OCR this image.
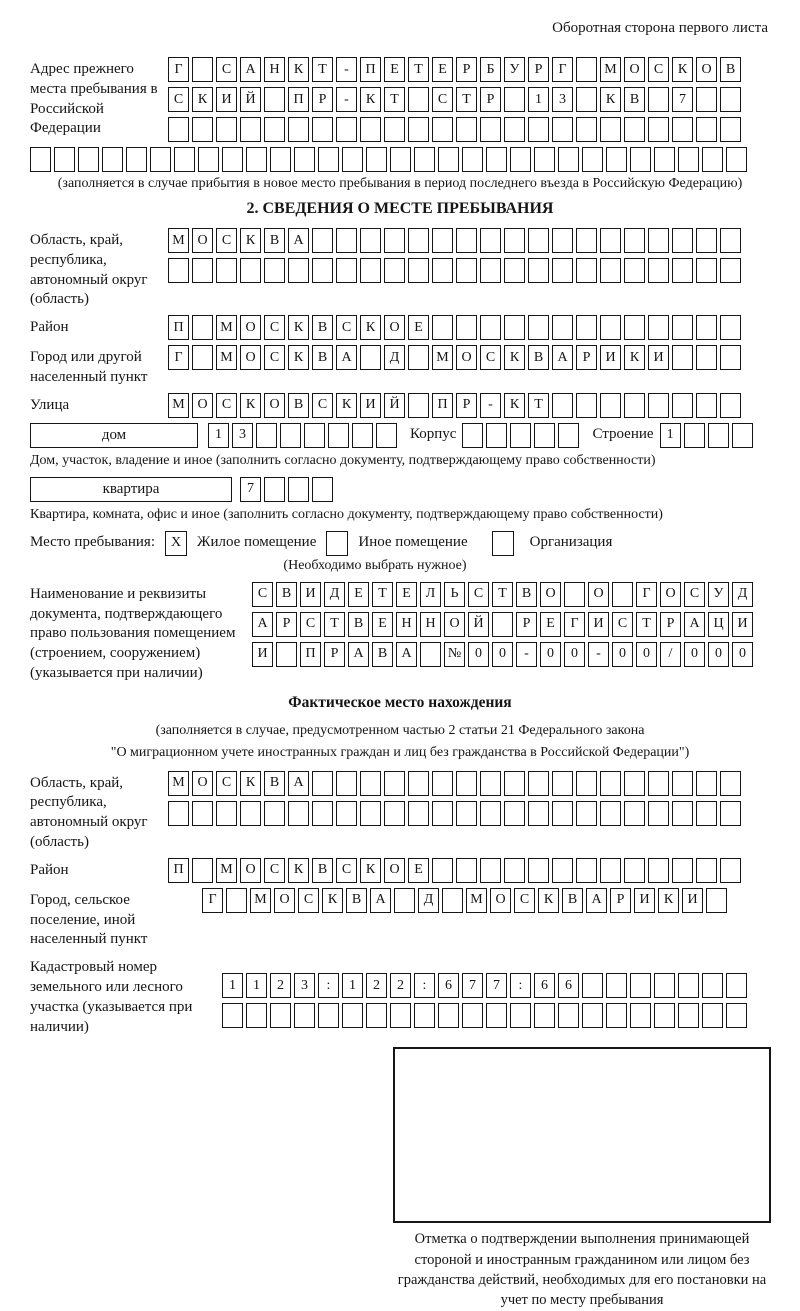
Оборотная сторона первого листа
Адрес прежнего места пребывания в Российской Федерации
Г	С	А Н	К	Т	-	П	Е	Т	Е	Р	Б	У	Р	Г	М О	С	К	О	В
С	К	И Й	П	Р	-	К	Т	С	Т	Р	1	3	К	В	7
(заполняется в случае прибытия в новое место пребывания в период последнего въезда в Российскую Федерацию)
2. СВЕДЕНИЯ О МЕСТЕ ПРЕБЫВАНИЯ
Область, край, республика, автономный округ (область)
М О	С	К	В	А
Район	П	М О	С	К	В	С	К	О	Е
Город или другой населенный пункт
Г	М О	С	К	В	А	Д	М О	С	К	В	А	Р	И	К	И
Улица	М О	С	К	О	В	С	К	И Й	П	Р	-	К	Т
дом	1	3	Корпус	Строение 1
Дом, участок, владение и иное (заполнить согласно документу, подтверждающему право собственности)
квартира	7
Квартира, комната, офис и иное (заполнить согласно документу, подтверждающему право собственности)
Место пребывания:	X	Жилое помещение	Иное помещение	Организация
(Необходимо выбрать нужное)
Наименование и реквизиты документа, подтверждающего право пользования помещением (строением, сооружением) (указывается при наличии)
С	В	И	Д	Е	Т	Е	Л	Ь	С	Т	В	О	О	Г	О	С	У	Д
А	Р	С	Т	В	Е	Н Н О Й	Р	Е	Г	И	С	Т	Р	А Ц И
И	П	Р	А	В	А	№ 0	0	-	0	0	-	0	0	/	0	0	0
Фактическое место нахождения
(заполняется в случае, предусмотренном частью 2 статьи 21 Федерального закона
"О миграционном учете иностранных граждан и лиц без гражданства в Российской Федерации")
Область, край, республика, автономный округ (область)
М О	С	К	В	А
Район	П	М О	С	К	В	С	К	О	Е
Город, сельское поселение, иной населенный пункт
Г	М О	С	К	В	А	Д	М О	С	К	В	А	Р	И	К	И
Кадастровый номер земельного или лесного участка (указывается при наличии)
1	1	2	3	:	1	2	2	:	6	7	7	:	6	6
Отметка о подтверждении выполнения принимающей стороной и иностранным гражданином или лицом без гражданства действий, необходимых для его постановки на учет по месту пребывания
